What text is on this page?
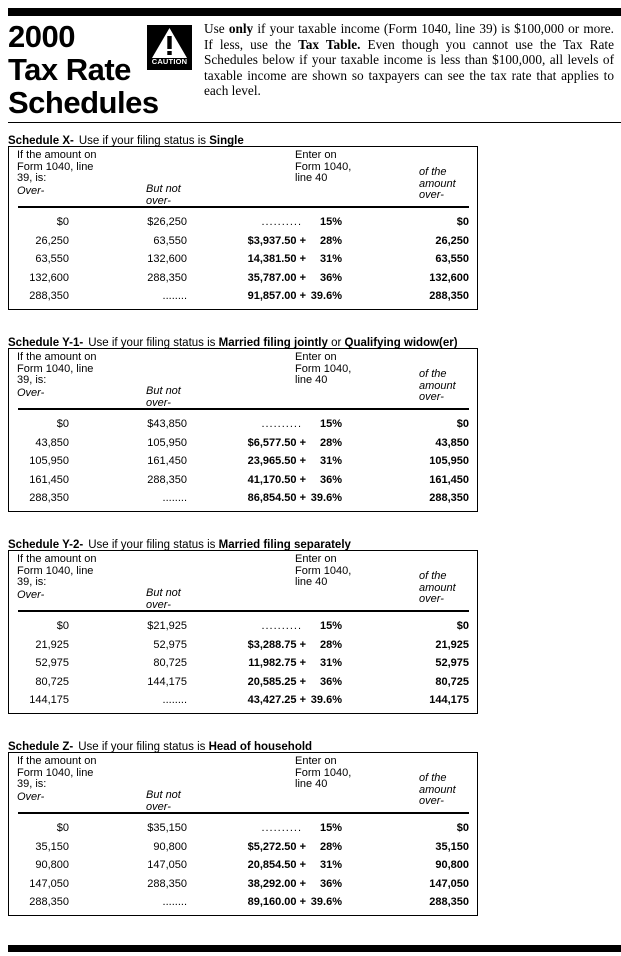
2000
Tax Rate
Schedules
CAUTION
Use only if your taxable income (Form 1040, line 39) is $100,000 or more. If less, use the Tax Table. Even though you cannot use the Tax Rate Schedules below if your taxable income is less than $100,000, all levels of taxable income are shown so taxpayers can see the tax rate that applies to each level.
Schedule X- Use if your filing status is Single
If the amount on
Form 1040, line
39, is:
Over-	But not
over-
Enter on
Form 1040,
line 40	of the
amount
over-
$0	$26,250	.......... 15%	$0
26,250	63,550	$3,937.50 + 28%	26,250
63,550	132,600	14,381.50 + 31%	63,550
132,600	288,350	35,787.00 + 36%	132,600
288,350	........	91,857.00 + 39.6%	288,350
Schedule Y-1- Use if your filing status is Married filing jointly or Qualifying widow(er)
If the amount on
Form 1040, line
39, is:
Over-	But not
over-
Enter on
Form 1040,
line 40	of the
amount
over-
$0	$43,850	.......... 15%	$0
43,850	105,950	$6,577.50 + 28%	43,850
105,950	161,450	23,965.50 + 31%	105,950
161,450	288,350	41,170.50 + 36%	161,450
288,350	........	86,854.50 + 39.6%	288,350
Schedule Y-2- Use if your filing status is Married filing separately
If the amount on
Form 1040, line
39, is:
Over-	But not
over-
Enter on
Form 1040,
line 40	of the
amount
over-
$0	$21,925	.......... 15%	$0
21,925	52,975	$3,288.75 + 28%	21,925
52,975	80,725	11,982.75 + 31%	52,975
80,725	144,175	20,585.25 + 36%	80,725
144,175	........	43,427.25 + 39.6%	144,175
Schedule Z- Use if your filing status is Head of household
If the amount on
Form 1040, line
39, is:
Over-	But not
over-
Enter on
Form 1040,
line 40	of the
amount
over-
$0	$35,150	.......... 15%	$0
35,150	90,800	$5,272.50 + 28%	35,150
90,800	147,050	20,854.50 + 31%	90,800
147,050	288,350	38,292.00 + 36%	147,050
288,350	........	89,160.00 + 39.6%	288,350
